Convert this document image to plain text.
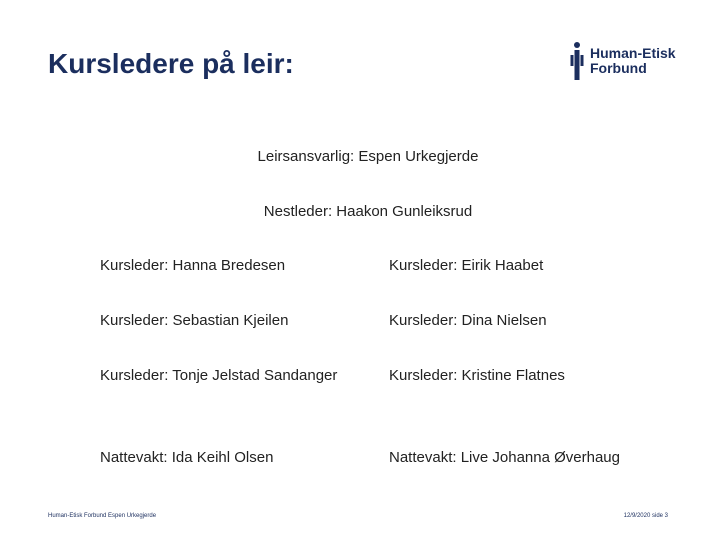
Kursledere på leir:	Human-Etisk
Forbund
Leirsansvarlig: Espen Urkegjerde
Nestleder: Haakon Gunleiksrud
Kursleder: Hanna Bredesen	Kursleder: Eirik Haabet
Kursleder: Sebastian Kjeilen	Kursleder: Dina Nielsen
Kursleder: Tonje Jelstad Sandanger	Kursleder: Kristine Flatnes
Nattevakt: Ida Keihl Olsen	Nattevakt: Live Johanna Øverhaug
Human-Etisk Forbund Espen Urkegjerde	12/9/2020 side 3
